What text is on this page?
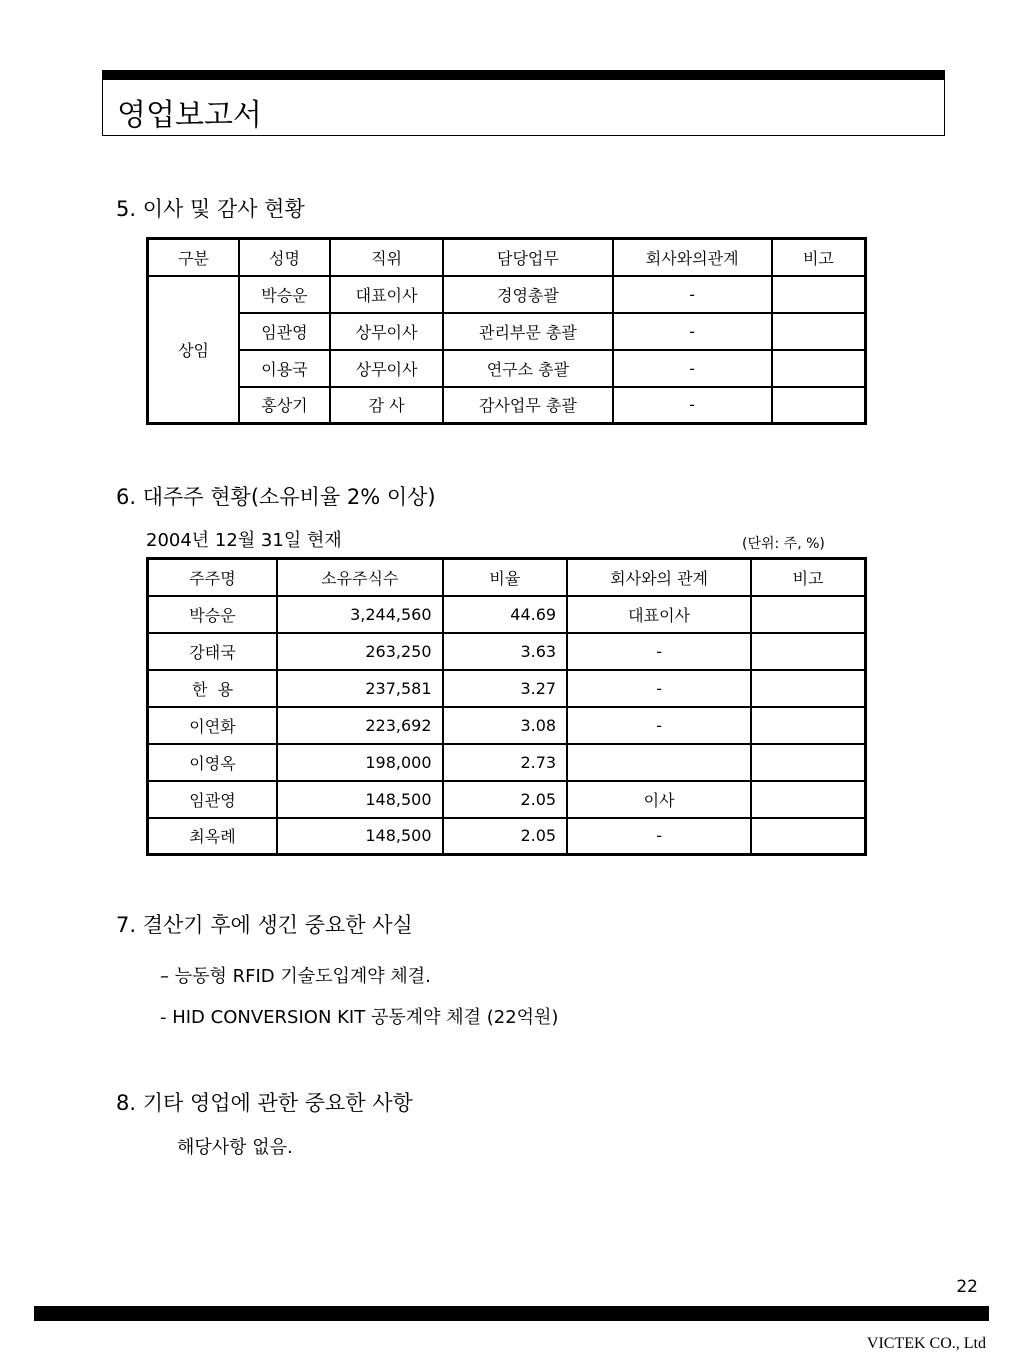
영업보고서
5. 이사 및 감사 현황
구분	성명	직위	담당업무	회사와의관계	비고
상임	박승운	대표이사	경영총괄	-	
	임관영	상무이사	관리부문 총괄	-	
	이용국	상무이사	연구소 총괄	-	
	홍상기	감 사	감사업무 총괄	-	
6. 대주주 현황(소유비율 2% 이상)
2004년 12월 31일 현재	(단위: 주, %)
주주명	소유주식수	비율	회사와의 관계	비고
박승운	3,244,560	44.69	대표이사	
강태국	263,250	3.63	-	
한  용	237,581	3.27	-	
이연화	223,692	3.08	-	
이영옥	198,000	2.73		
임관영	148,500	2.05	이사	
최옥례	148,500	2.05	-	
7. 결산기 후에 생긴 중요한 사실
– 능동형 RFID 기술도입계약 체결.
- HID CONVERSION KIT 공동계약 체결 (22억원)
8. 기타 영업에 관한 중요한 사항
해당사항 없음.
22
VICTEK CO., Ltd
